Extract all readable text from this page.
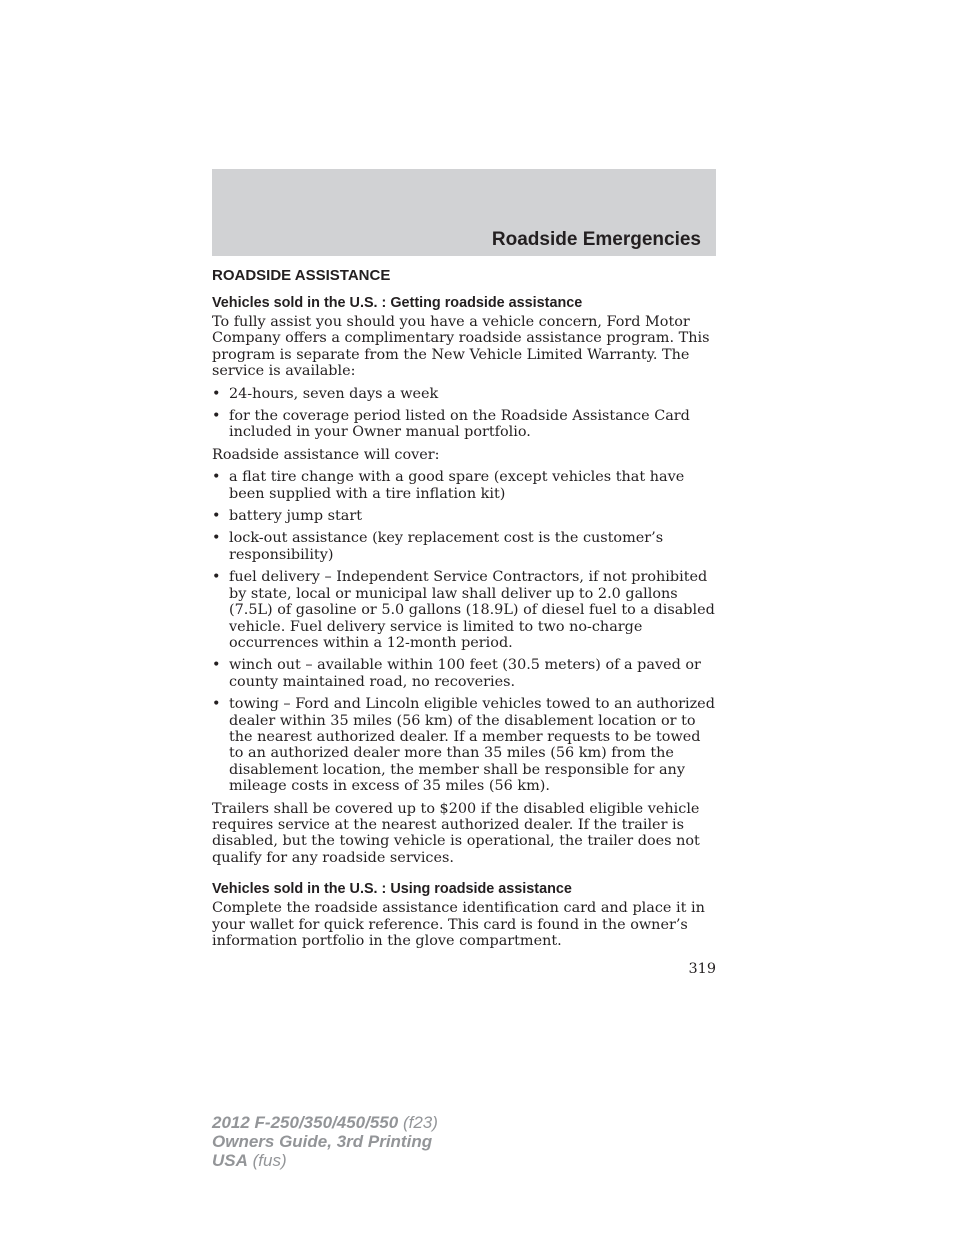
Roadside Emergencies
ROADSIDE ASSISTANCE
Vehicles sold in the U.S. : Getting roadside assistance
To fully assist you should you have a vehicle concern, Ford Motor Company offers a complimentary roadside assistance program. This program is separate from the New Vehicle Limited Warranty. The service is available:
• 24-hours, seven days a week
• for the coverage period listed on the Roadside Assistance Card included in your Owner manual portfolio.
Roadside assistance will cover:
• a flat tire change with a good spare (except vehicles that have been supplied with a tire inflation kit)
• battery jump start
• lock-out assistance (key replacement cost is the customer’s responsibility)
• fuel delivery – Independent Service Contractors, if not prohibited by state, local or municipal law shall deliver up to 2.0 gallons (7.5L) of gasoline or 5.0 gallons (18.9L) of diesel fuel to a disabled vehicle. Fuel delivery service is limited to two no-charge occurrences within a 12-month period.
• winch out – available within 100 feet (30.5 meters) of a paved or county maintained road, no recoveries.
• towing – Ford and Lincoln eligible vehicles towed to an authorized dealer within 35 miles (56 km) of the disablement location or to the nearest authorized dealer. If a member requests to be towed to an authorized dealer more than 35 miles (56 km) from the disablement location, the member shall be responsible for any mileage costs in excess of 35 miles (56 km).
Trailers shall be covered up to $200 if the disabled eligible vehicle requires service at the nearest authorized dealer. If the trailer is disabled, but the towing vehicle is operational, the trailer does not qualify for any roadside services.
Vehicles sold in the U.S. : Using roadside assistance
Complete the roadside assistance identification card and place it in your wallet for quick reference. This card is found in the owner’s information portfolio in the glove compartment.
319
2012 F-250/350/450/550 (f23)
Owners Guide, 3rd Printing
USA (fus)
